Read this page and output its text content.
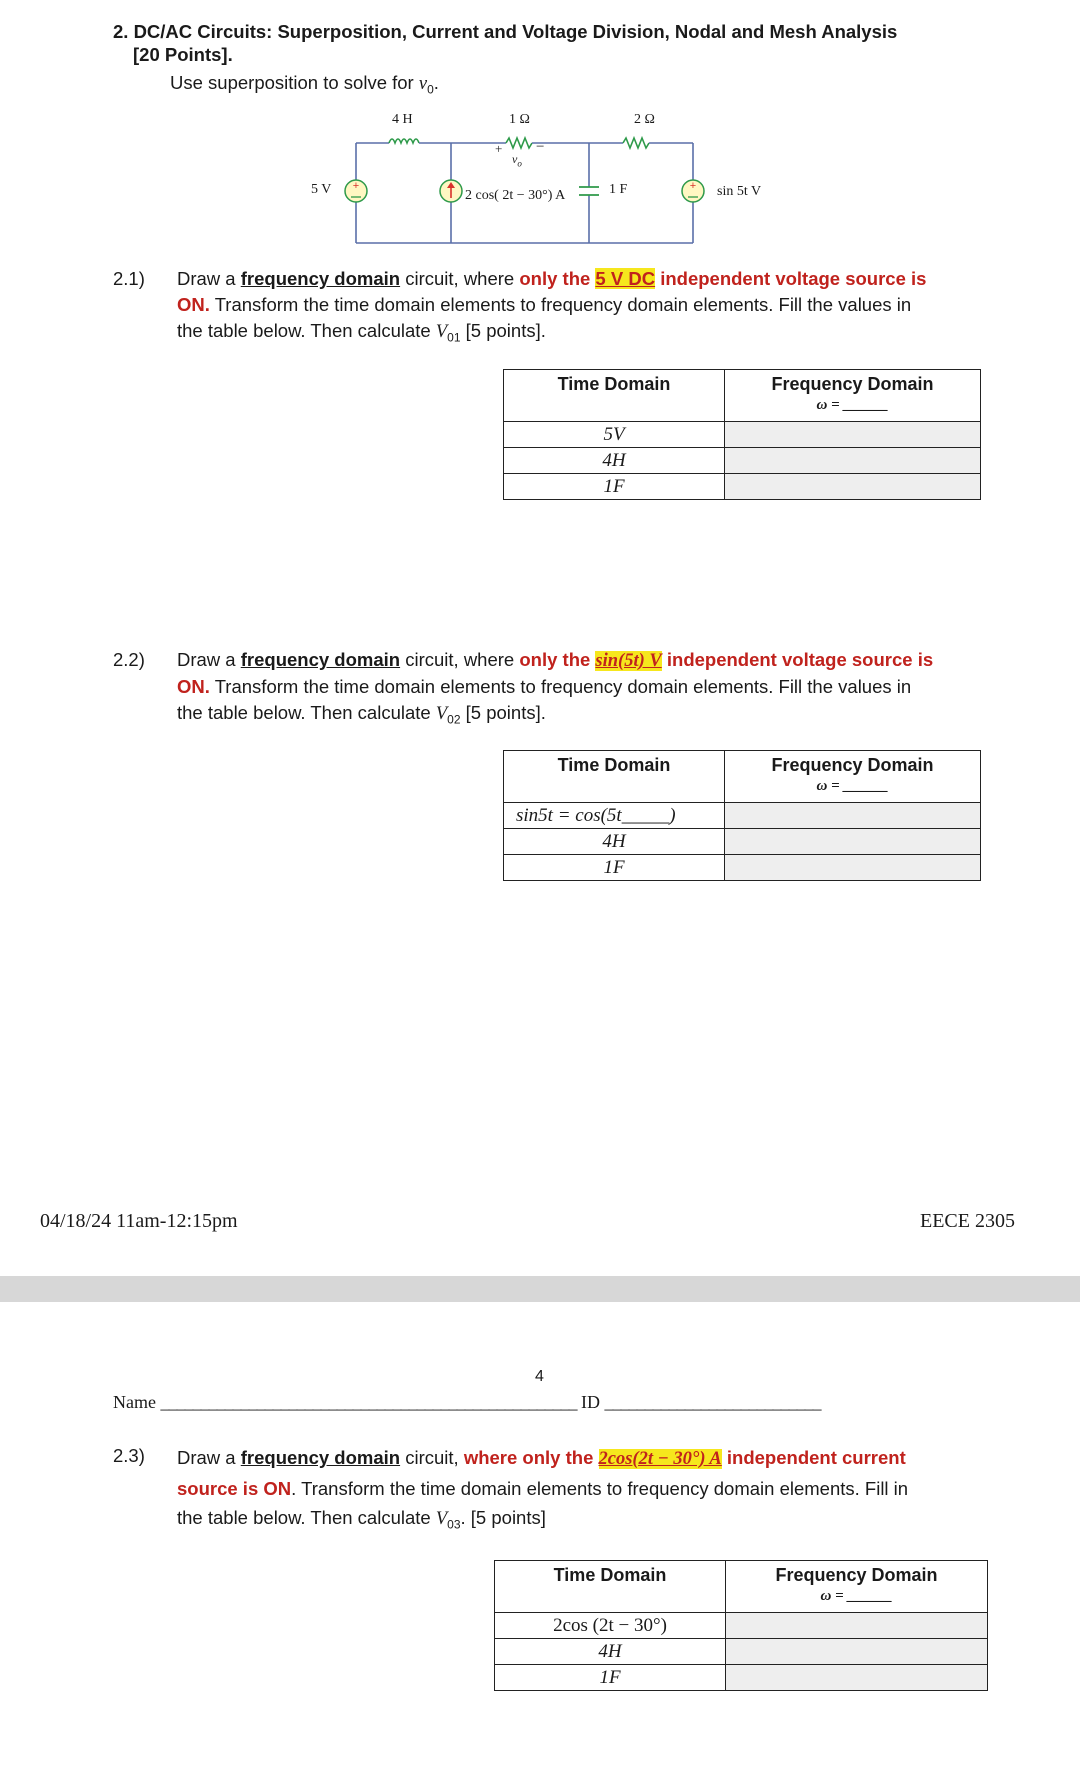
2. DC/AC Circuits: Superposition, Current and Voltage Division, Nodal and Mesh Analysis
[20 Points].
Use superposition to solve for $v_0$.
+	+
+ −
4 H	1 Ω	2 Ω
$v_o$
5 V	2 cos( 2t − 30°) A	1 F	sin 5t V
2.1) Draw a frequency domain circuit, where only the 5 V DC independent voltage source is
ON. Transform the time domain elements to frequency domain elements. Fill the values in
the table below. Then calculate $V_{01}$ [5 points].
Time Domain	Frequency Domain
ω = ______

5V	
4H	
1F	
2.2) Draw a frequency domain circuit, where only the sin(5t) V independent voltage source is
ON. Transform the time domain elements to frequency domain elements. Fill the values in
the table below. Then calculate $V_{02}$ [5 points].
Time Domain	Frequency Domain
ω = ______

sin5t = cos(5t_____)	
4H	
1F	
04/18/24 11am-12:15pm	EECE 2305
4
Name ____________________________________________________ ID ___________________________
2.3) Draw a frequency domain circuit, where only the 2cos(2t − 30°) A independent current
source is ON. Transform the time domain elements to frequency domain elements. Fill in
the table below. Then calculate $V_{03}$. [5 points]
Time Domain	Frequency Domain
ω = ______

2cos (2t − 30°)	
4H	
1F	
